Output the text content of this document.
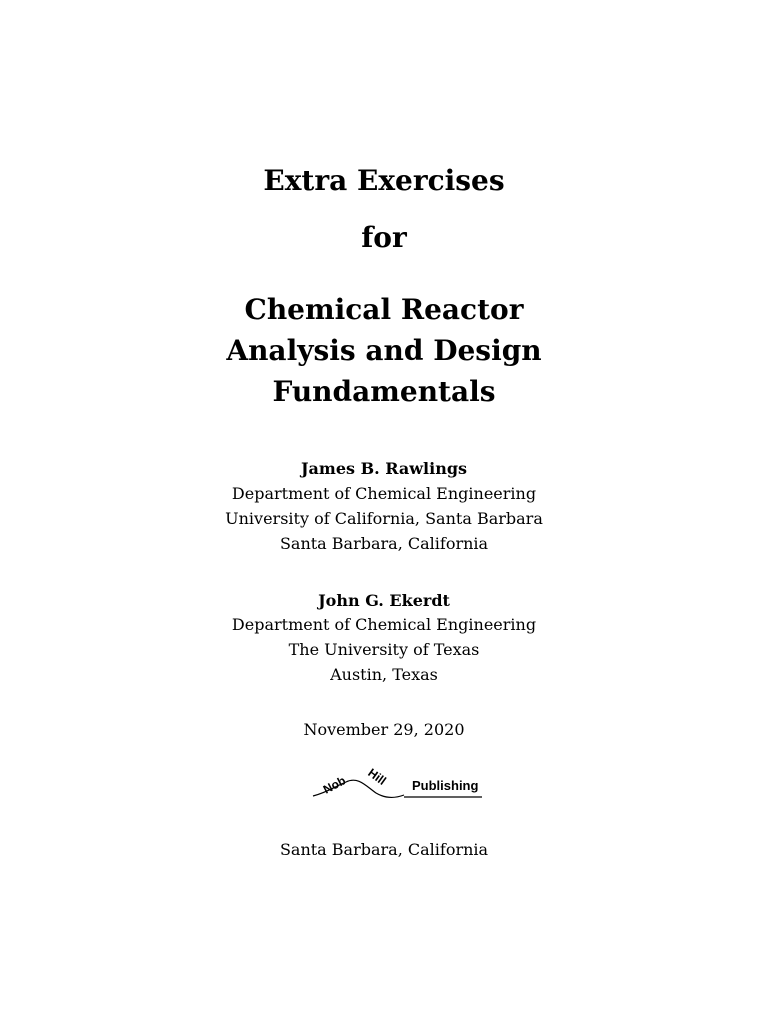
Extra Exercises
for
Chemical Reactor
Analysis and Design
Fundamentals
James B. Rawlings
Department of Chemical Engineering
University of California, Santa Barbara
Santa Barbara, California
John G. Ekerdt
Department of Chemical Engineering
The University of Texas
Austin, Texas
November 29, 2020
Nob Hill Publishing
Santa Barbara, California
